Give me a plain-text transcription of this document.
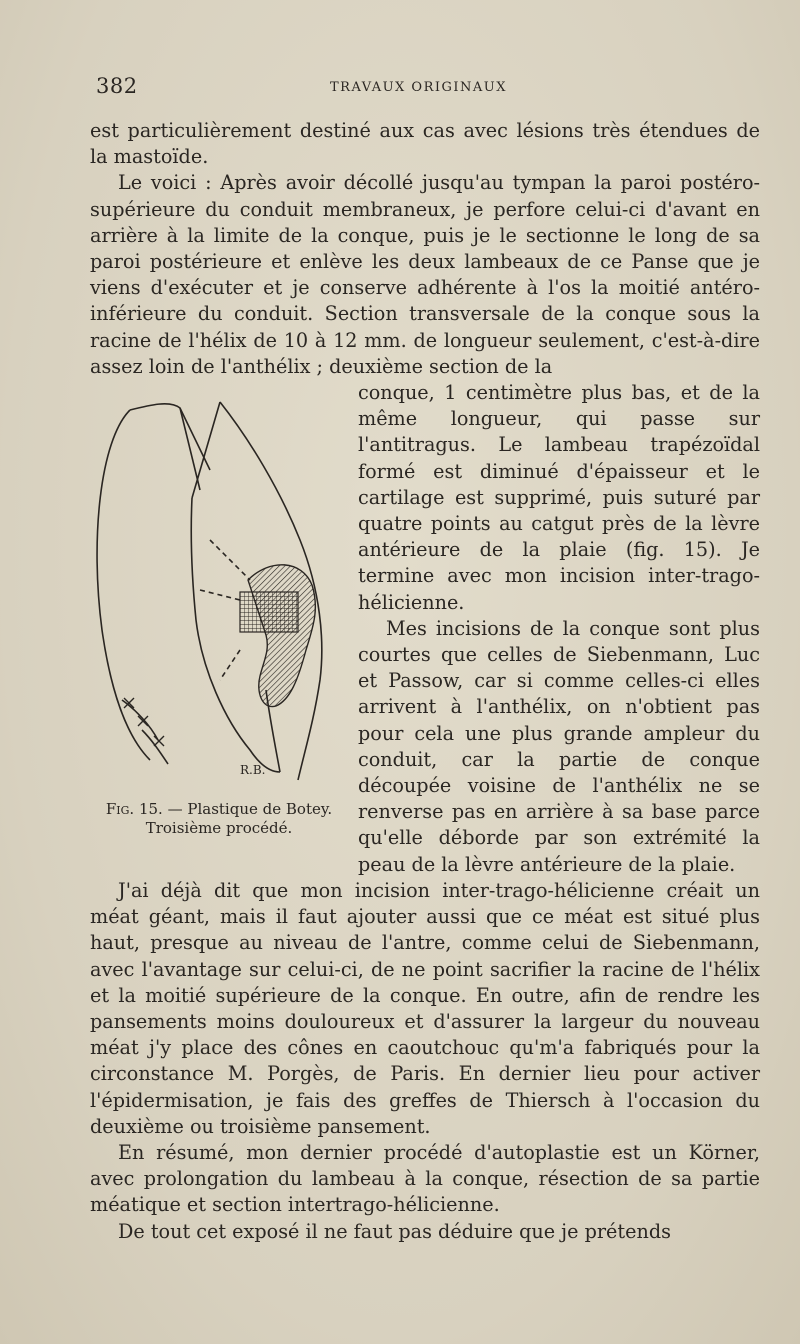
382	TRAVAUX ORIGINAUX

est particulièrement destiné aux cas avec lésions très étendues de la mastoïde.

Le voici : Après avoir décollé jusqu'au tympan la paroi postéro-supérieure du conduit membraneux, je perfore celui-ci d'avant en arrière à la limite de la conque, puis je le sectionne le long de sa paroi postérieure et enlève les deux lambeaux de ce Panse que je viens d'exécuter et je conserve adhérente à l'os la moitié antéro-inférieure du conduit. Section transversale de la conque sous la racine de l'hélix de 10 à 12 mm. de longueur seulement, c'est-à-dire assez loin de l'anthélix ; deuxième section de la

R.B.
Fig. 15. — Plastique de Botey.
Troisième procédé.

conque, 1 centimètre plus bas, et de la même longueur, qui passe sur l'antitragus. Le lambeau trapézoïdal formé est diminué d'épaisseur et le cartilage est supprimé, puis suturé par quatre points au catgut près de la lèvre antérieure de la plaie (fig. 15). Je termine avec mon incision inter-trago-hélicienne.

Mes incisions de la conque sont plus courtes que celles de Siebenmann, Luc et Passow, car si comme celles-ci elles arrivent à l'anthélix, on n'obtient pas pour cela une plus grande ampleur du conduit, car la partie de conque découpée voisine de l'anthélix ne se renverse pas en arrière à sa base parce qu'elle déborde par son extrémité la peau de la lèvre antérieure de la plaie.

J'ai déjà dit que mon incision inter-trago-hélicienne créait un méat géant, mais il faut ajouter aussi que ce méat est situé plus haut, presque au niveau de l'antre, comme celui de Siebenmann, avec l'avantage sur celui-ci, de ne point sacrifier la racine de l'hélix et la moitié supérieure de la conque. En outre, afin de rendre les pansements moins douloureux et d'assurer la largeur du nouveau méat j'y place des cônes en caoutchouc qu'm'a fabriqués pour la circonstance M. Porgès, de Paris. En dernier lieu pour activer l'épidermisation, je fais des greffes de Thiersch à l'occasion du deuxième ou troisième pansement.

En résumé, mon dernier procédé d'autoplastie est un Körner, avec prolongation du lambeau à la conque, résection de sa partie méatique et section intertrago-hélicienne.

De tout cet exposé il ne faut pas déduire que je prétends
